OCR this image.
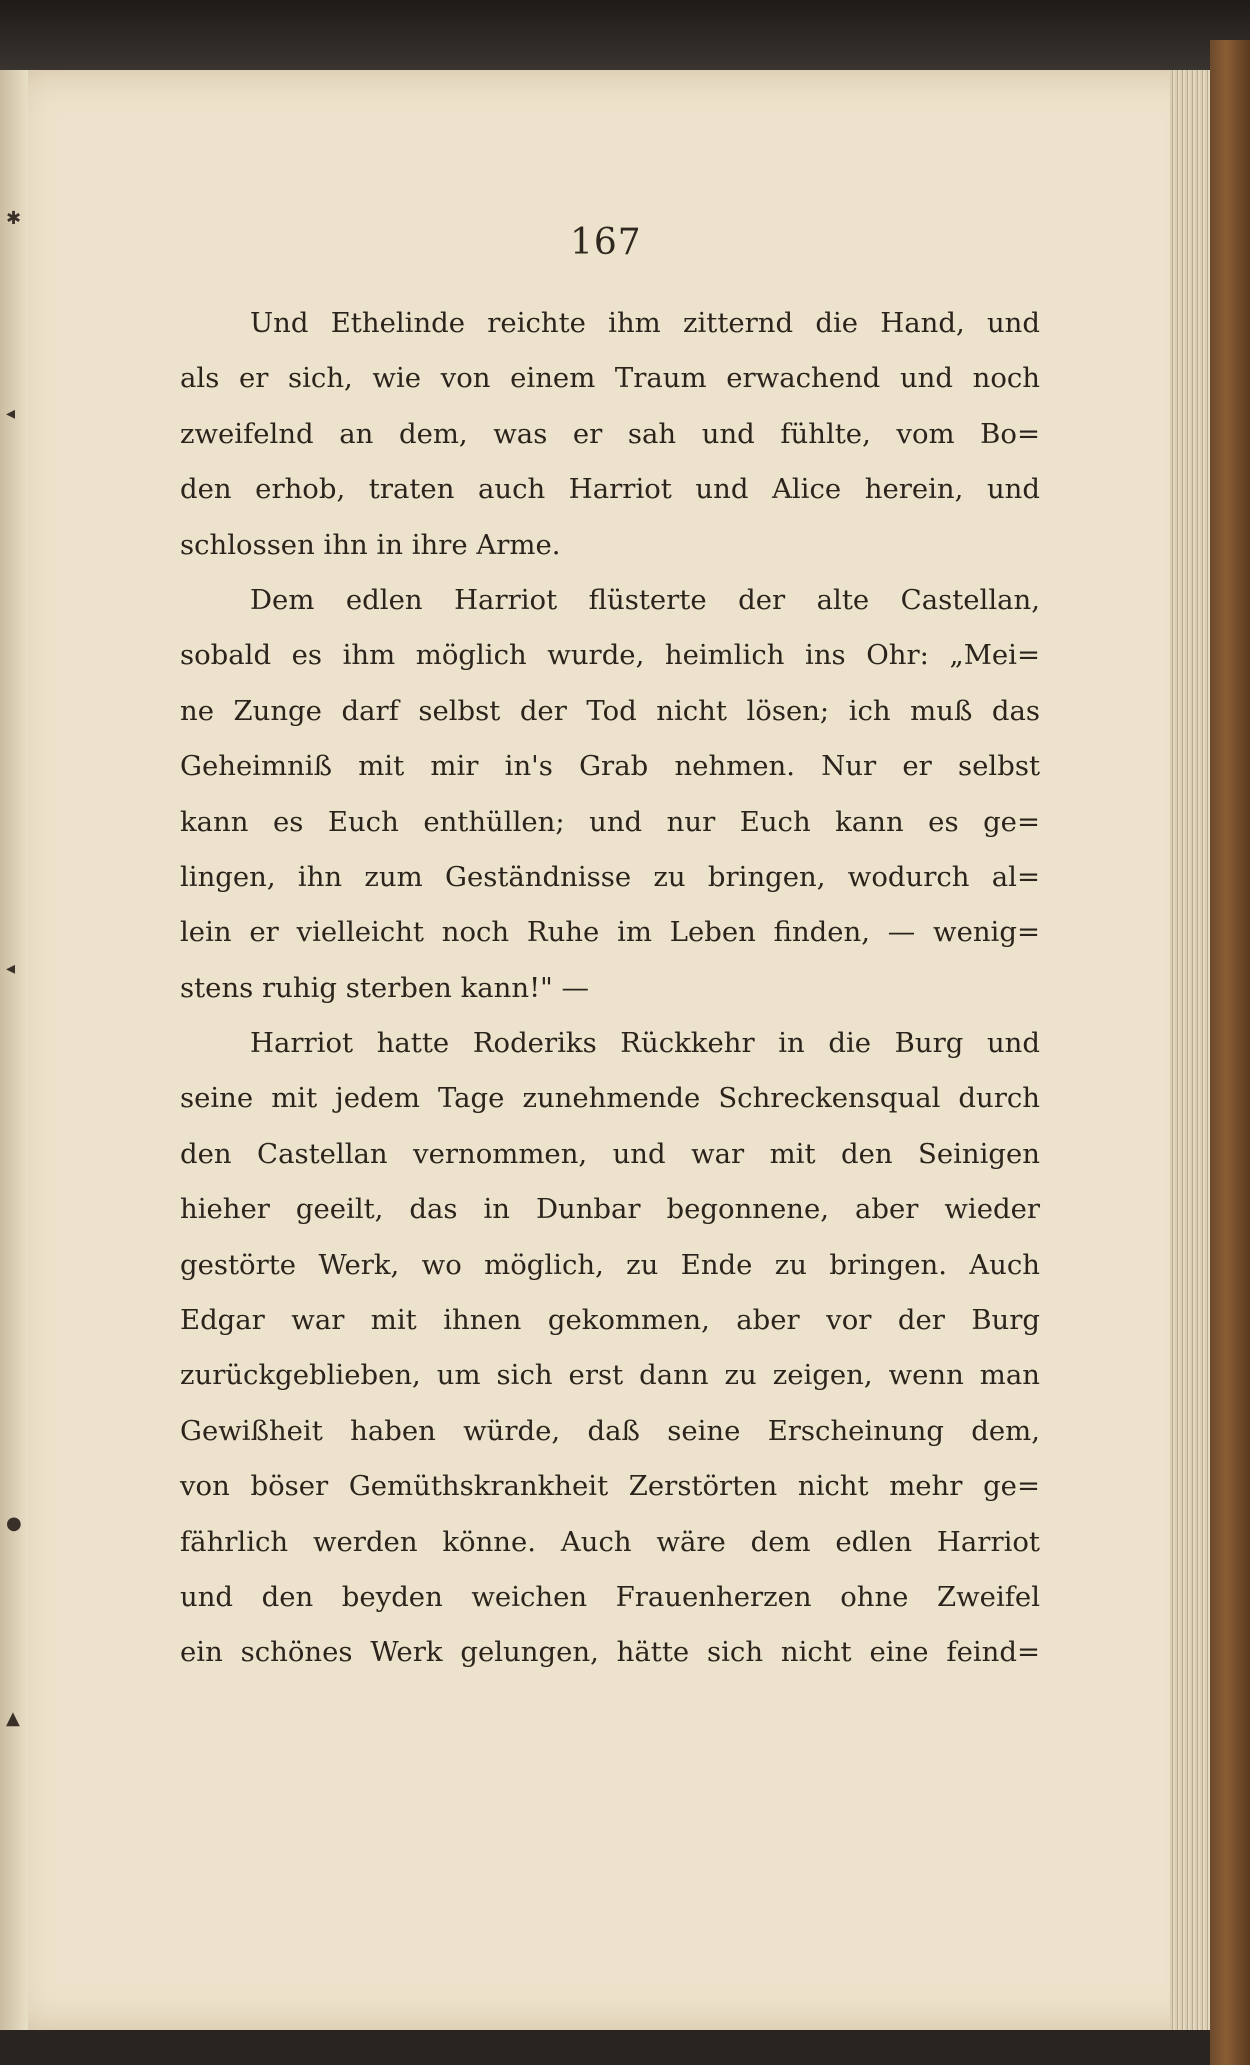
✱
◂
◂
●
▲
167
Und Ethelinde reichte ihm zitternd die Hand, und
als er sich, wie von einem Traum erwachend und noch
zweifelnd an dem, was er sah und fühlte, vom Bo=
den erhob, traten auch Harriot und Alice herein, und
schlossen ihn in ihre Arme.
Dem edlen Harriot flüsterte der alte Castellan,
sobald es ihm möglich wurde, heimlich ins Ohr: „Mei=
ne Zunge darf selbst der Tod nicht lösen; ich muß das
Geheimniß mit mir in's Grab nehmen. Nur er selbst
kann es Euch enthüllen; und nur Euch kann es ge=
lingen, ihn zum Geständnisse zu bringen, wodurch al=
lein er vielleicht noch Ruhe im Leben finden, — wenig=
stens ruhig sterben kann!" —
Harriot hatte Roderiks Rückkehr in die Burg und
seine mit jedem Tage zunehmende Schreckensqual durch
den Castellan vernommen, und war mit den Seinigen
hieher geeilt, das in Dunbar begonnene, aber wieder
gestörte Werk, wo möglich, zu Ende zu bringen. Auch
Edgar war mit ihnen gekommen, aber vor der Burg
zurückgeblieben, um sich erst dann zu zeigen, wenn man
Gewißheit haben würde, daß seine Erscheinung dem,
von böser Gemüthskrankheit Zerstörten nicht mehr ge=
fährlich werden könne. Auch wäre dem edlen Harriot
und den beyden weichen Frauenherzen ohne Zweifel
ein schönes Werk gelungen, hätte sich nicht eine feind=
